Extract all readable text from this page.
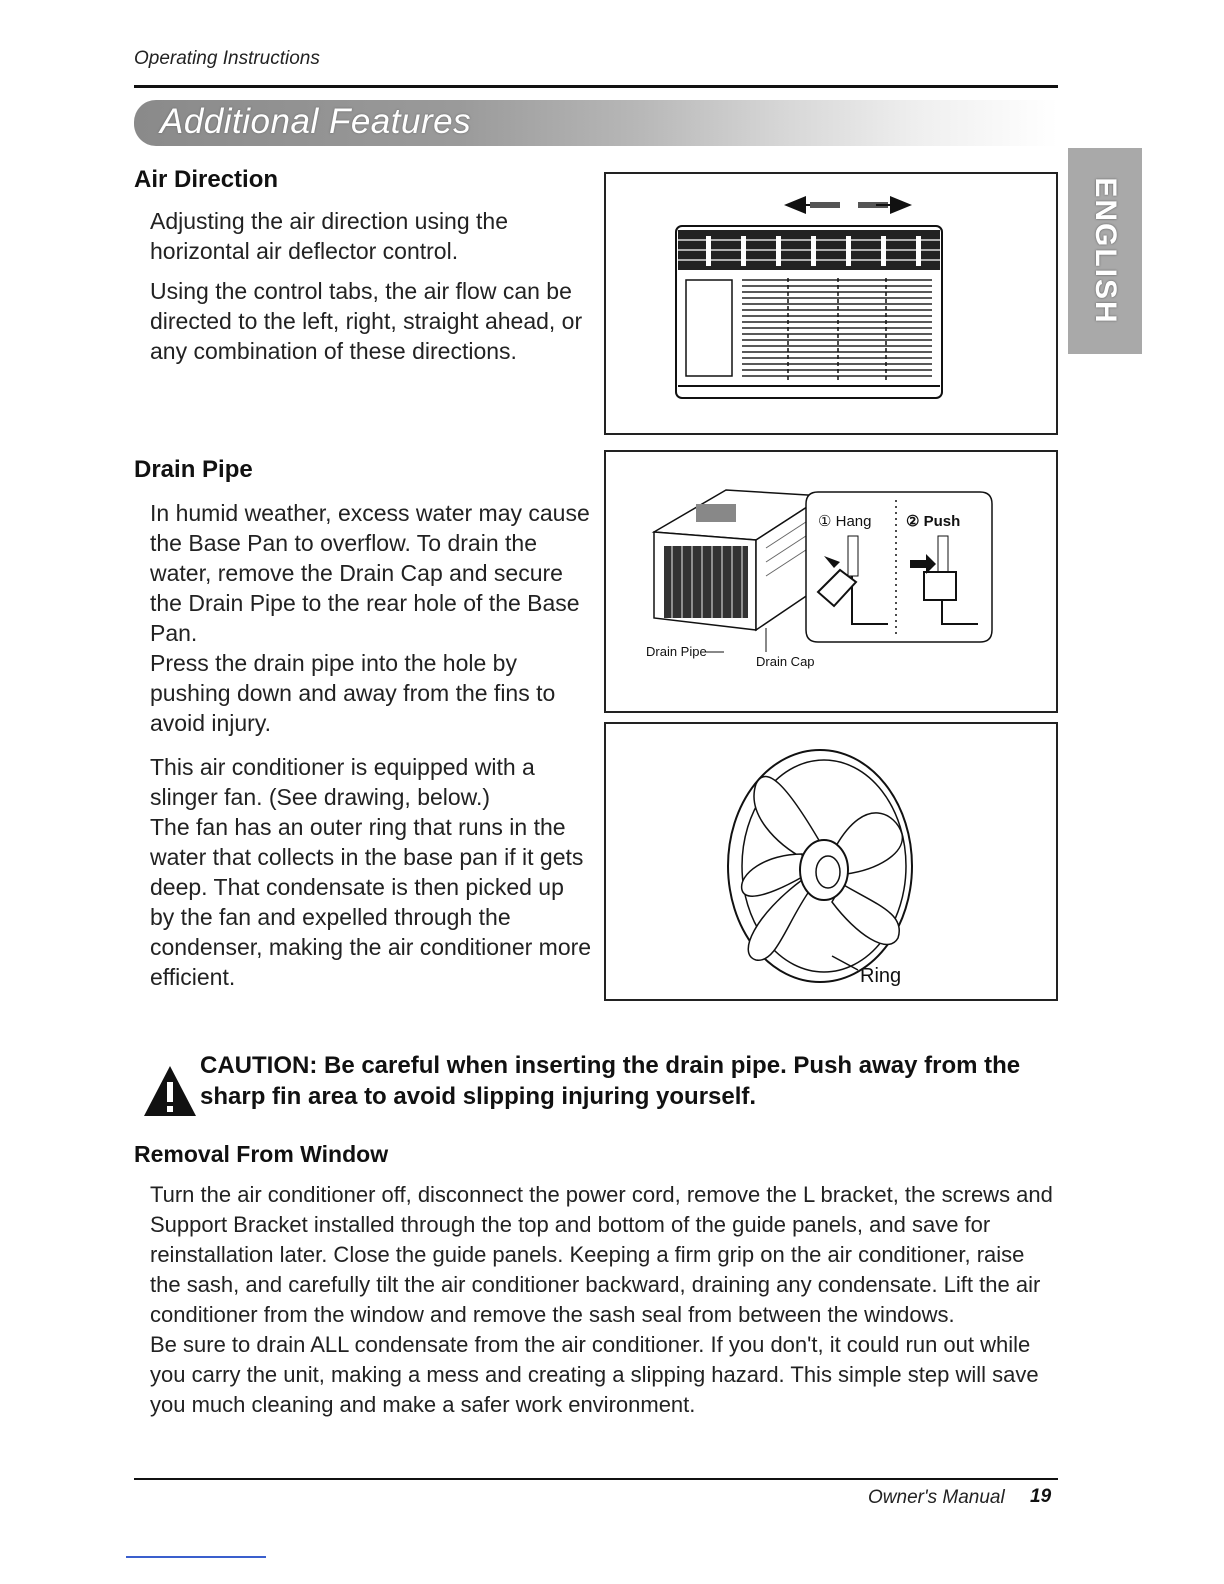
Operating Instructions
Additional Features
ENGLISH
Air Direction

Adjusting the air direction using the horizontal air deflector control.

Using the control tabs, the air flow can be directed to the left, right, straight ahead, or any combination of these directions.

Drain Pipe

In humid weather, excess water may cause the Base Pan to overflow. To drain the water, remove the Drain Cap and secure the Drain Pipe to the rear hole of the Base Pan.

Press the drain pipe into the hole by pushing down and away from the fins to avoid injury.

This air conditioner is equipped with a slinger fan. (See drawing, below.)

The fan has an outer ring that runs in the water that collects in the base pan if it gets deep. That condensate is then picked up by the fan and expelled through the condenser, making the air conditioner more efficient.

① Hang ② Push
Drain Pipe
Drain Cap
Ring
CAUTION: Be careful when inserting the drain pipe. Push away from the sharp fin area to avoid slipping injuring yourself.
Removal From Window

Turn the air conditioner off, disconnect the power cord, remove the L bracket, the screws and Support Bracket installed through the top and bottom of the guide panels, and save for reinstallation later. Close the guide panels. Keeping a firm grip on the air conditioner, raise the sash, and carefully tilt the air conditioner backward, draining any condensate. Lift the air conditioner from the window and remove the sash seal from between the windows.

Be sure to drain ALL condensate from the air conditioner. If you don't, it could run out while you carry the unit, making a mess and creating a slipping hazard. This simple step will save you much cleaning and make a safer work environment.

Owner's Manual 19
